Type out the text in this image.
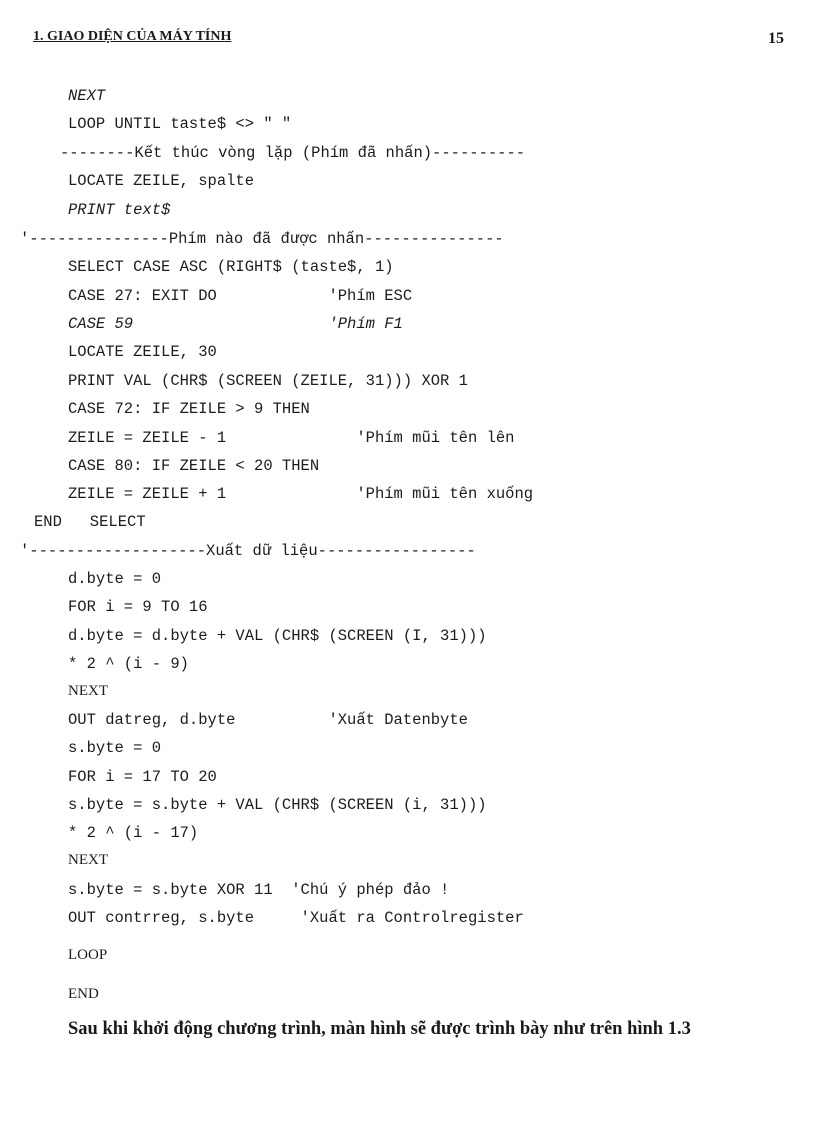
1. GIAO DIỆN CỦA MÁY TÍNH	15
NEXT
LOOP UNTIL taste$ <> " "
--------Kết thúc vòng lặp (Phím đã nhấn)----------
LOCATE ZEILE, spalte
PRINT text$
'---------------Phím nào đã được nhấn---------------
SELECT CASE ASC (RIGHT$ (taste$, 1)
CASE 27: EXIT DO            'Phím ESC
CASE 59                     'Phím F1
LOCATE ZEILE, 30
PRINT VAL (CHR$ (SCREEN (ZEILE, 31))) XOR 1
CASE 72: IF ZEILE > 9 THEN
ZEILE = ZEILE - 1              'Phím mũi tên lên
CASE 80: IF ZEILE < 20 THEN
ZEILE = ZEILE + 1              'Phím mũi tên xuống
END   SELECT
'-------------------Xuất dữ liệu-----------------
d.byte = 0
FOR i = 9 TO 16
d.byte = d.byte + VAL (CHR$ (SCREEN (I, 31)))
* 2 ^ (i - 9)
NEXT
OUT datreg, d.byte          'Xuất Datenbyte
s.byte = 0
FOR i = 17 TO 20
s.byte = s.byte + VAL (CHR$ (SCREEN (i, 31)))
* 2 ^ (i - 17)
NEXT
s.byte = s.byte XOR 11  'Chú ý phép đảo !
OUT contrreg, s.byte     'Xuất ra Controlregister
LOOP
END

Sau khi khởi động chương trình, màn hình sẽ được trình bày như trên hình 1.3
